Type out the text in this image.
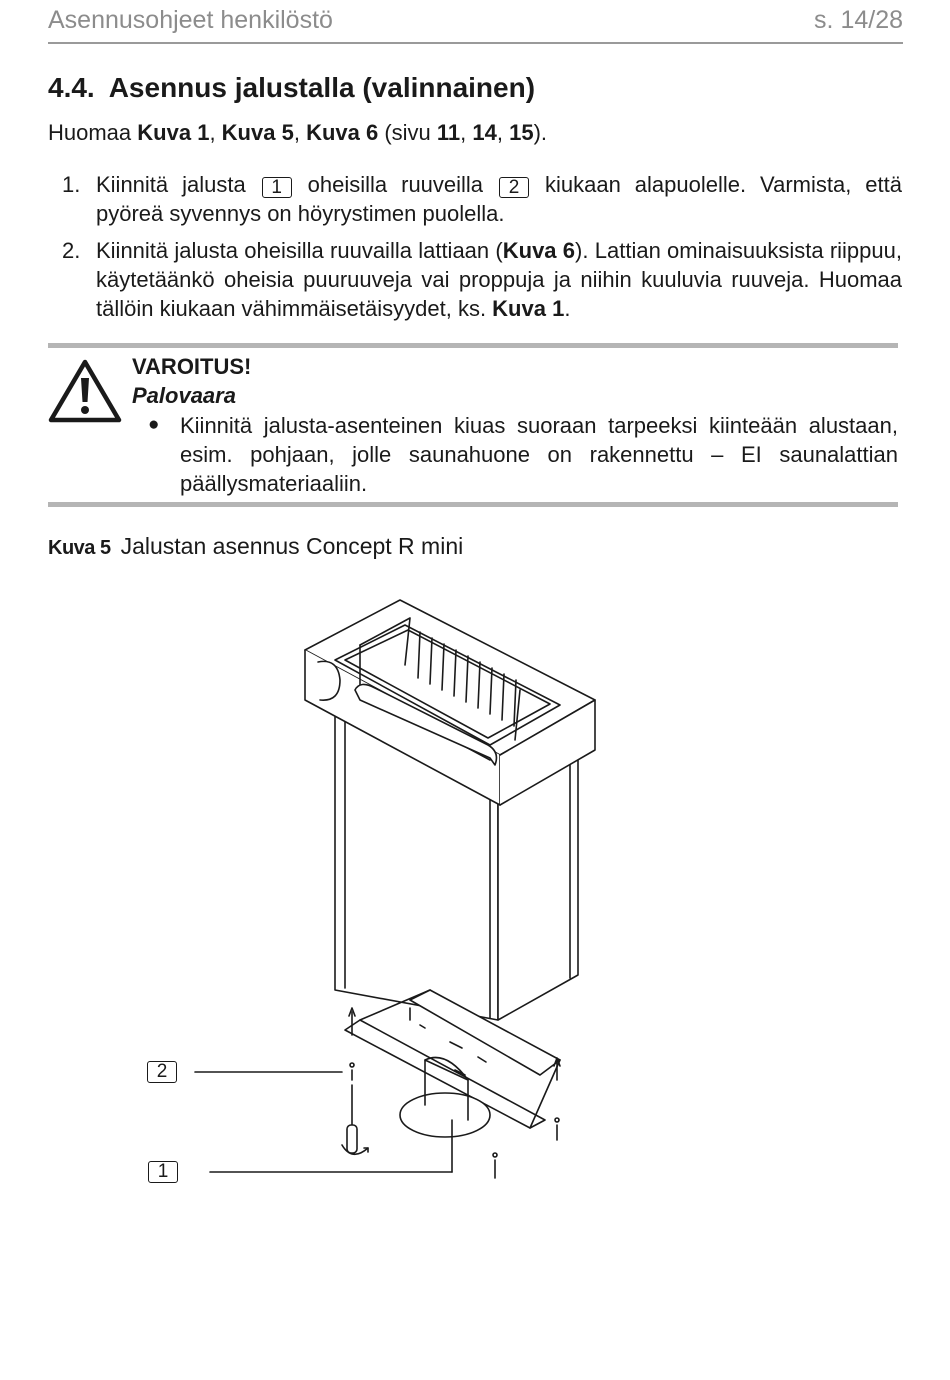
Asennusohjeet henkilöstö	s. 14/28
4.4. Asennus jalustalla (valinnainen)

Huomaa Kuva 1, Kuva 5, Kuva 6 (sivu 11, 14, 15).

1. Kiinnitä jalusta 1 oheisilla ruuveilla 2 kiukaan alapuolelle. Varmista, että pyöreä syvennys on höyrystimen puolella.
2. Kiinnitä jalusta oheisilla ruuvailla lattiaan (Kuva 6). Lattian ominaisuuksista riippuu, käytetäänkö oheisia puuruuveja vai proppuja ja niihin kuuluvia ruuveja. Huomaa tällöin kiukaan vähimmäisetäisyydet, ks. Kuva 1.
VAROITUS!
Palovaara
● Kiinnitä jalusta-asenteinen kiuas suoraan tarpeeksi kiinteään alustaan, esim. pohjaan, jolle saunahuone on rakennettu – EI saunalattian päällysmateriaaliin.
Kuva 5 Jalustan asennus Concept R mini
2
1
